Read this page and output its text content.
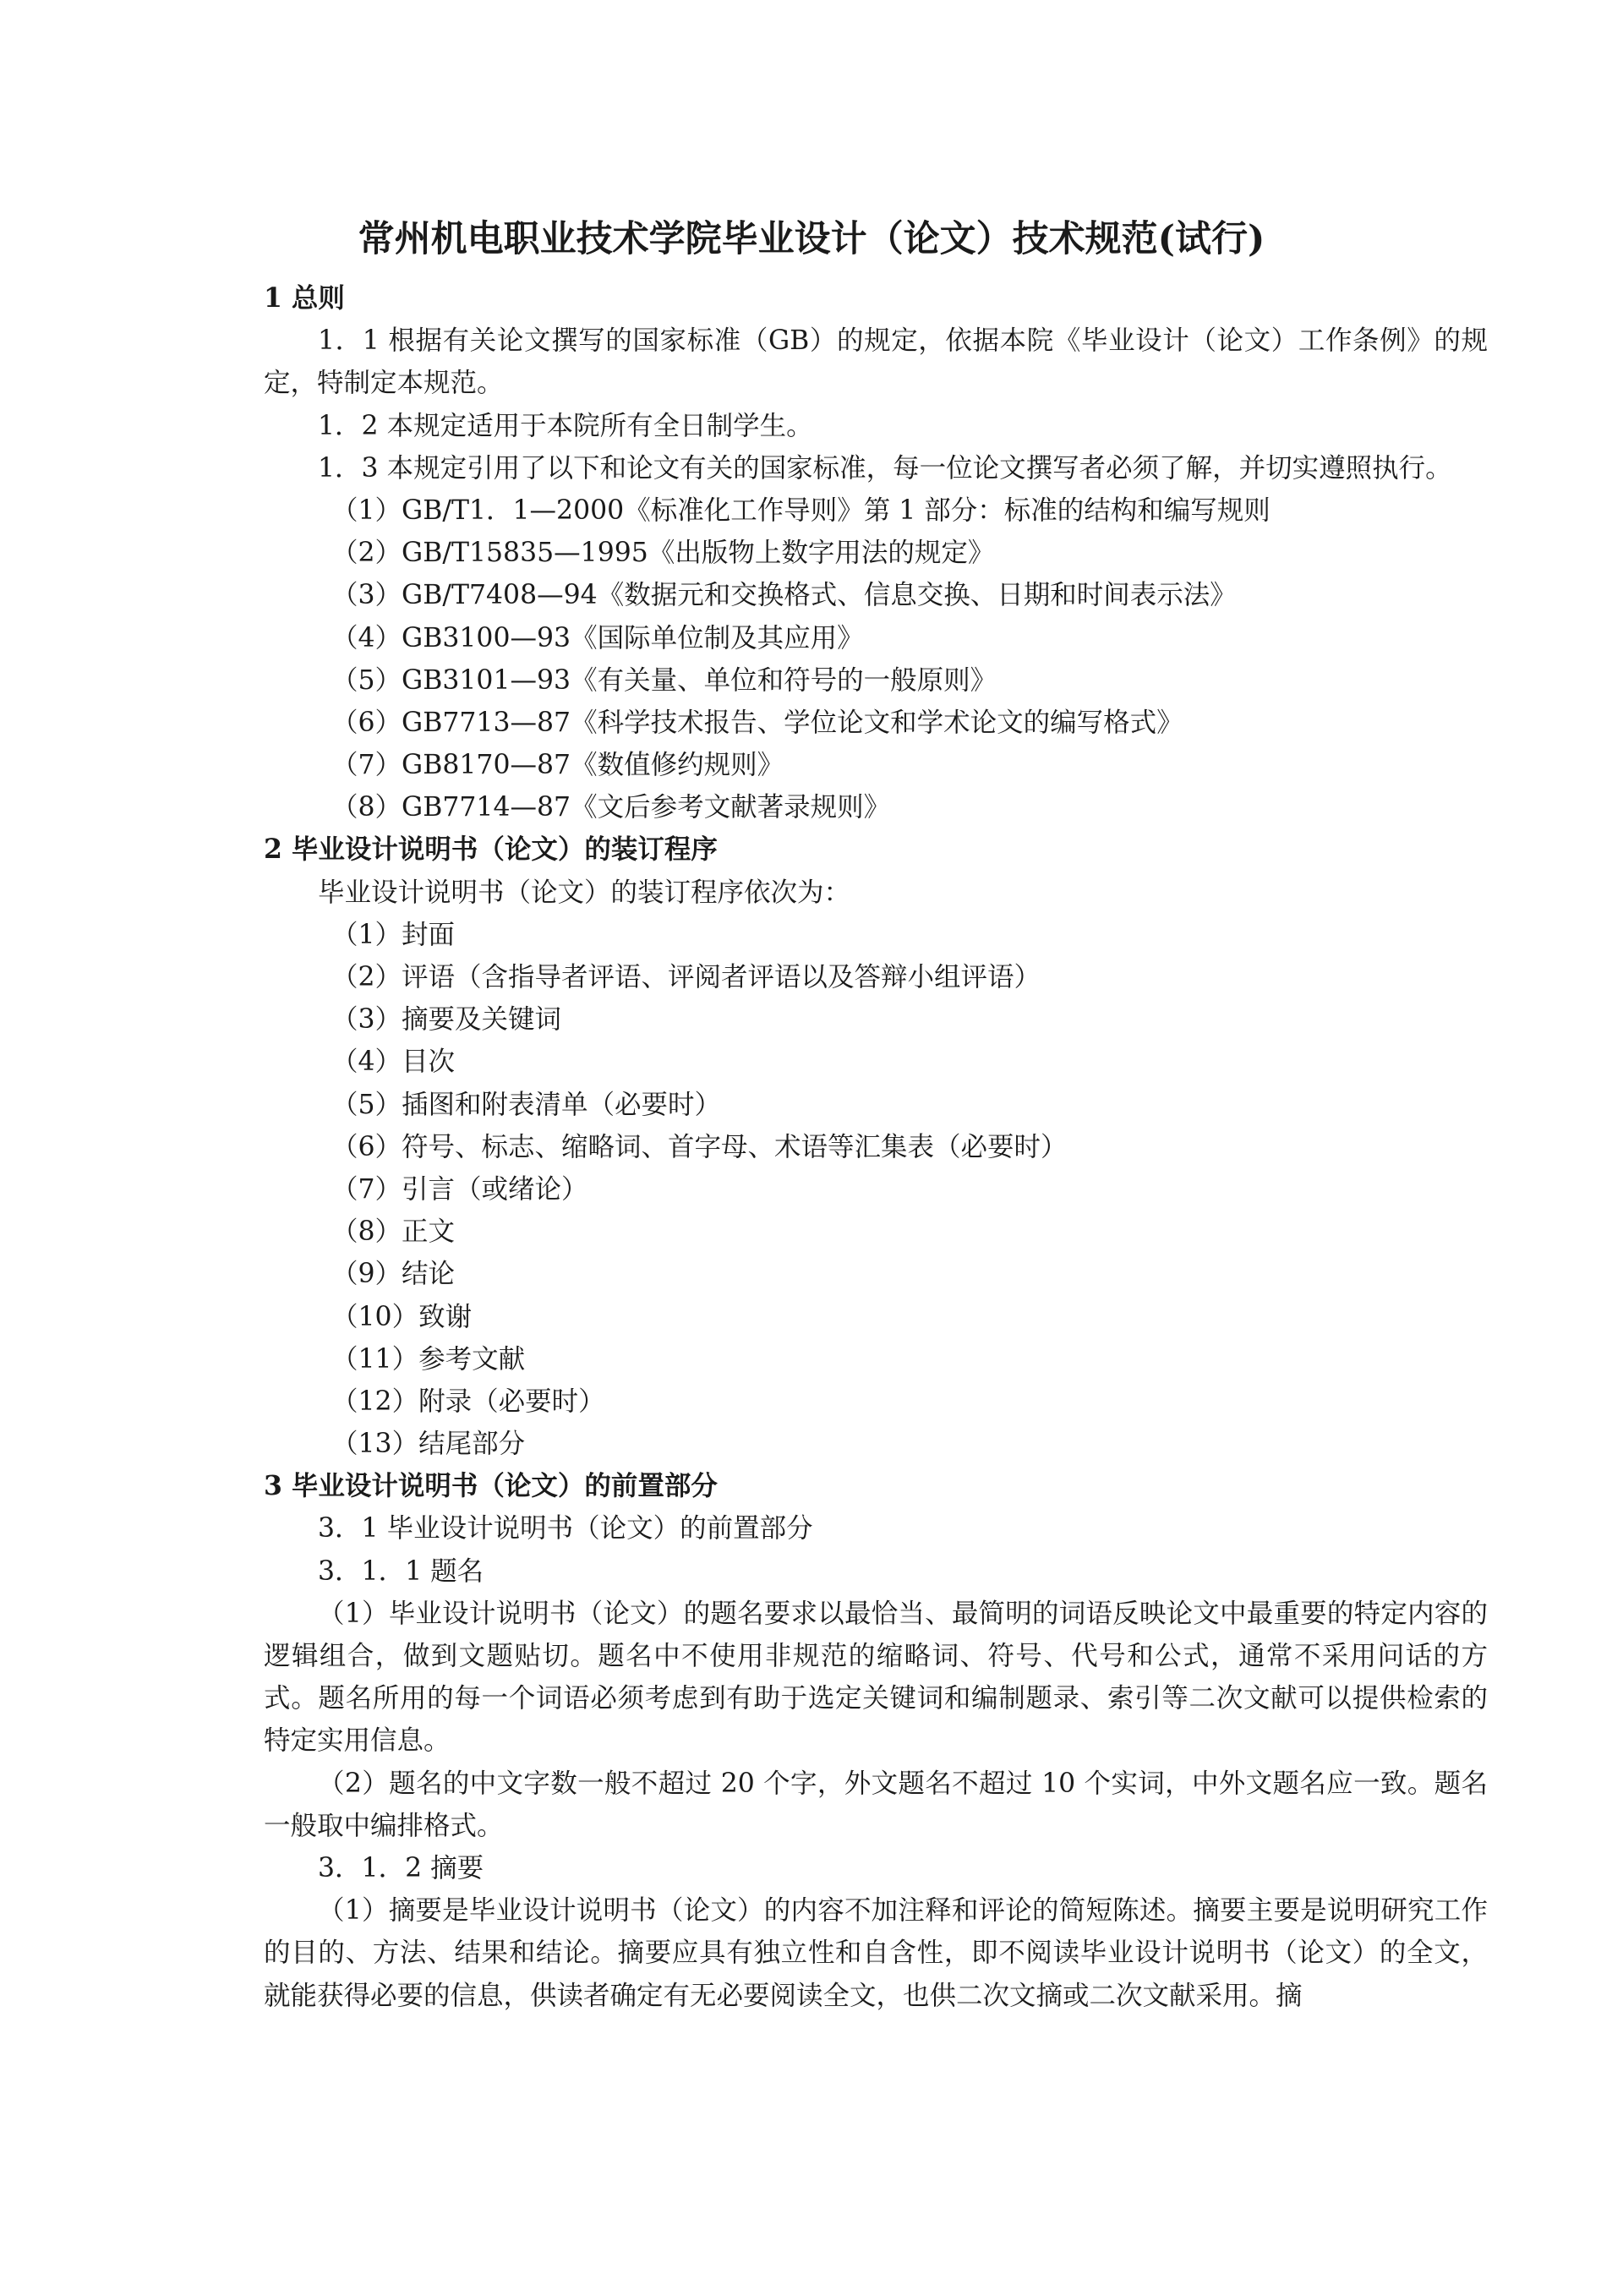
常州机电职业技术学院毕业设计（论文）技术规范(试行)
1 总则
1．1 根据有关论文撰写的国家标准（GB）的规定，依据本院《毕业设计（论文）工作条例》的规定，特制定本规范。
1．2 本规定适用于本院所有全日制学生。
1．3 本规定引用了以下和论文有关的国家标准，每一位论文撰写者必须了解，并切实遵照执行。
（1）GB/T1．1—2000《标准化工作导则》第 1 部分：标准的结构和编写规则
（2）GB/T15835—1995《出版物上数字用法的规定》
（3）GB/T7408—94《数据元和交换格式、信息交换、日期和时间表示法》
（4）GB3100—93《国际单位制及其应用》
（5）GB3101—93《有关量、单位和符号的一般原则》
（6）GB7713—87《科学技术报告、学位论文和学术论文的编写格式》
（7）GB8170—87《数值修约规则》
（8）GB7714—87《文后参考文献著录规则》
2 毕业设计说明书（论文）的装订程序
毕业设计说明书（论文）的装订程序依次为：
（1）封面
（2）评语（含指导者评语、评阅者评语以及答辩小组评语）
（3）摘要及关键词
（4）目次
（5）插图和附表清单（必要时）
（6）符号、标志、缩略词、首字母、术语等汇集表（必要时）
（7）引言（或绪论）
（8）正文
（9）结论
（10）致谢
（11）参考文献
（12）附录（必要时）
（13）结尾部分
3 毕业设计说明书（论文）的前置部分
3．1 毕业设计说明书（论文）的前置部分
3．1．1 题名
（1）毕业设计说明书（论文）的题名要求以最恰当、最简明的词语反映论文中最重要的特定内容的逻辑组合，做到文题贴切。题名中不使用非规范的缩略词、符号、代号和公式，通常不采用问话的方式。题名所用的每一个词语必须考虑到有助于选定关键词和编制题录、索引等二次文献可以提供检索的特定实用信息。
（2）题名的中文字数一般不超过 20 个字，外文题名不超过 10 个实词，中外文题名应一致。题名一般取中编排格式。
3．1．2 摘要
（1）摘要是毕业设计说明书（论文）的内容不加注释和评论的简短陈述。摘要主要是说明研究工作的目的、方法、结果和结论。摘要应具有独立性和自含性，即不阅读毕业设计说明书（论文）的全文，就能获得必要的信息，供读者确定有无必要阅读全文，也供二次文摘或二次文献采用。摘
